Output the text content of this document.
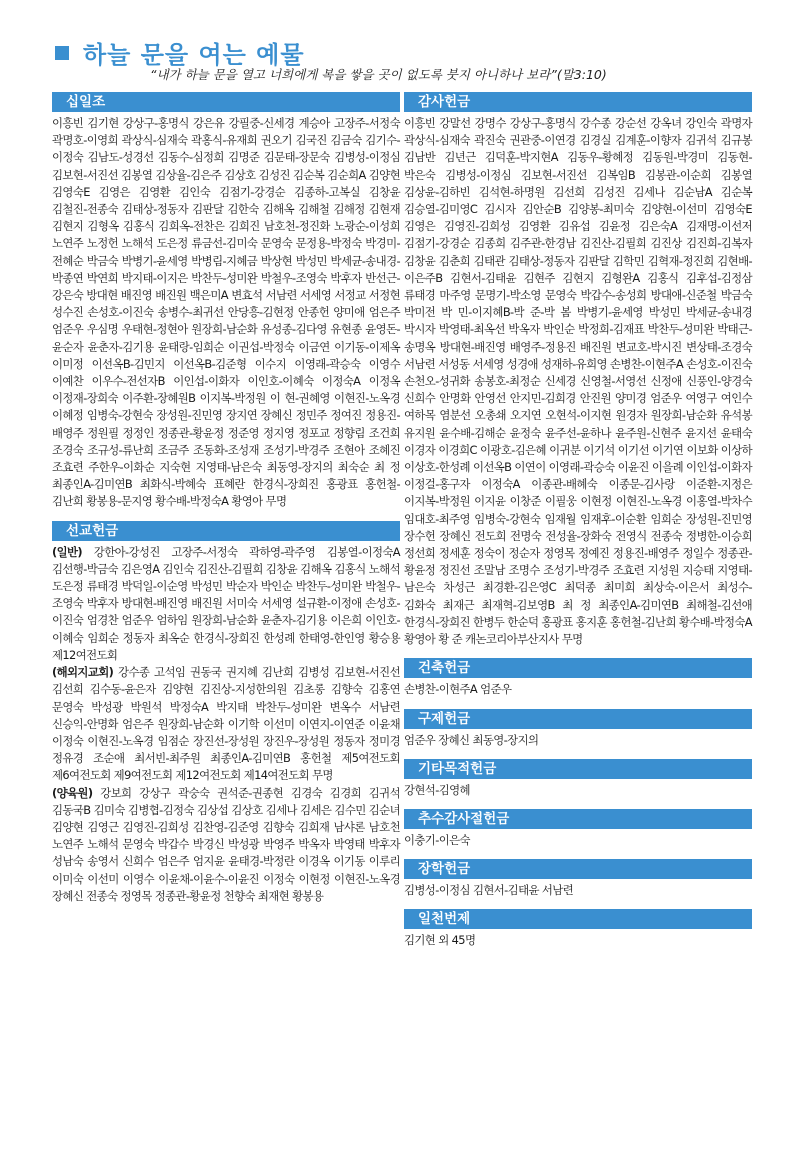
하늘 문을 여는 예물
“내가 하늘 문을 열고 너희에게 복을 쌓을 곳이 없도록 붓지 아니하나 보라”(말3:10)
십일조
이흥빈 김기현 강상구-홍명식 강은유 강필중-신세경 계승아 고장주-서정숙 곽명호-이영희 곽상식-심재숙 곽홍식-유재희 권오기 김국진 김금숙 김기수-이정숙 김남도-성경선 김동수-심정희 김명준 김문태-장문숙 김병성-이정심 김보현-서진선 김봉열 김상율-김은주 김상호 김성진 김순복 김순희A 김양현 김영숙E 김영은 김영환 김인숙 김점기-강경순 김종하-고복실 김창윤 김철진-전종숙 김태상-정동자 김판달 김한숙 김해옥 김해철 김해정 김현재 김현지 김형옥 김홍식 김희옥-전찬은 김희진 남호천-정진화 노광순-이성희 노연주 노정헌 노해석 도은정 류금선-김미숙 문영숙 문정용-박정숙 박경미-전혜순 박금숙 박병기-윤세영 박병림-지혜금 박상현 박성민 박세균-송내경-박종연 박연희 박지태-이지은 박찬두-성미완 박철우-조영숙 박후자 반선근-강은숙 방대현 배진영 배진원 백은미A 변효석 서남련 서세영 서정교 서정현 성수진 손성호-이진숙 송병수-최귀선 안당흥-김현정 안종헌 양미애 엄은주 엄준우 우심명 우태현-정현아 원장희-남순화 유성종-김다영 유현종 윤영돈-윤순자 윤춘자-김기용 윤태랑-임희순 이권섭-박정숙 이금연 이기동-이제옥 이미정 이선옥B-김민지 이선옥B-김준형 이수지 이영래-곽승숙 이영수 이예찬 이우수-전선자B 이인섭-이화자 이인호-이혜숙 이정숙A 이정옥 이정재-장희숙 이주환-장혜원B 이지복-박정원 이 현-권혜영 이현진-노옥경 이혜정 임병숙-강현숙 장성원-진민영 장지연 장혜신 정민주 정여진 정용진-배영주 정원필 정정인 정종관-황윤정 정준영 정지영 정포교 정향림 조건희 조경숙 조규성-류난희 조금주 조동화-조성재 조성기-박경주 조현아 조혜진 조효련 주한우-이화순 지숙현 지영태-남은숙 최동영-장지의 최숙순 최 정 최종인A-김미연B 최화식-박혜숙 표혜란 한경식-장희진 홍광표 홍헌철-김난희 황봉용-문지영 황수배-박정숙A 황영아 무명
선교헌금
(일반) 강한아-강성진 고장주-서정숙 곽하영-곽주영 김봉열-이정숙A 김선행-박금숙 김은영A 김인숙 김진산-김필희 김창윤 김해옥 김홍식 노해석 도은정 류태경 박덕일-이순영 박성민 박순자 박인순 박찬두-성미완 박철우-조영숙 박후자 방대현-배진영 배진원 서미숙 서세영 설규환-이정애 손성호-이진숙 엄경찬 엄준우 엄하임 원장희-남순화 윤춘자-김기용 이은희 이인호-이혜숙 임희순 정동자 최옥순 한경식-장희진 한성례 한태영-한인영 황승용 제12여전도회
(해외지교회) 강수종 고석임 권동국 권지혜 김난희 김병성 김보현-서진선 김선희 김수동-윤은자 김양현 김진상-지성한의원 김초롱 김향숙 김홍연 문영숙 박성광 박원석 박정숙A 박지태 박찬두-성미완 변옥수 서남련 신승익-안명화 엄은주 원장희-남순화 이기학 이선미 이연지-이연준 이윤채 이정숙 이현진-노옥경 임점순 장진선-장성원 장진우-장성원 정동자 정미경 정유경 조순애 최서빈-최주원 최종인A-김미연B 홍헌철 제5여전도회 제6여전도회 제9여전도회 제12여전도회 제14여전도회 무명
(양육원) 강보희 강상구 곽숭숙 권석준-권종현 김경숙 김경희 김귀석 김동국B 김미숙 김병협-김정숙 김상섭 김상호 김세나 김세은 김수민 김순녀 김양현 김영근 김영진-김희성 김찬영-김준영 김향숙 김희재 남샤론 남호천 노연주 노해석 문영숙 박갑수 박경신 박성광 박영주 박옥자 박영태 박후자 성남숙 송영서 신희수 엄은주 엄지윤 윤태경-박정란 이경옥 이기동 이루리 이미숙 이선미 이영수 이윤채-이윤수-이윤진 이정숙 이현정 이현진-노옥경 장혜신 전종숙 정영목 정종관-황윤정 천향숙 최재현 황봉용
감사헌금
이흥빈 강말선 강명수 강상구-홍명식 강수종 강순선 강옥녀 강인숙 곽명자 곽상식-심재숙 곽진숙 권관중-이연경 김경실 김계훈-이향자 김귀석 김규봉 김남반 김년근 김덕훈-박지현A 김동우-황혜정 김동원-박경미 김동현-박은숙 김병성-이정심 김보현-서진선 김복임B 김봉관-이순희 김봉열 김상윤-김하빈 김석현-하명원 김선희 김성진 김세나 김순남A 김순복 김승열-김미영C 김시자 김안순B 김양봉-최미숙 김양현-이선미 김영숙E 김영은 김영진-김희성 김영환 김유섭 김윤정 김은숙A 김재명-이선저 김점기-강경순 김종희 김주관-한경남 김진산-김필희 김진상 김진희-김복자 김창윤 김춘희 김태관 김태상-정동자 김판달 김학민 김혁재-정진희 김현배-이은주B 김현서-김태윤 김현주 김현지 김형완A 김홍식 김후섭-김정삼 류태경 마주영 문명기-박소영 문영숙 박갑수-송성희 방대애-신준철 박금숙 박미전 박 민-이지혜B-박 준-박 봄 박병기-윤세영 박성민 박세균-송내경 박시자 박영태-최옥선 박옥자 박인순 박정희-김재표 박찬두-성미완 박태근-송명옥 방대현-배진영 배영주-정용진 배진원 변교호-박시진 변상태-조경숙 서남련 서성동 서세영 성경애 성재하-유희영 손병찬-이현주A 손성호-이진숙 손천오-성귀화 송봉호-최정순 신세경 신영철-서영선 신정애 신풍인-양경숙 신희수 안명화 안영선 안지민-김희경 안진원 양미경 엄준우 여영구 여인수 여하목 염분선 오총쇄 오지연 오현석-이지현 원경자 원장희-남순화 유석봉 유지원 윤수배-김해순 윤정숙 윤주선-윤하나 윤주원-신현주 윤지선 윤태숙 이경자 이경희C 이광호-김은혜 이귀분 이기석 이기선 이기연 이보화 이상하 이상호-한성례 이선옥B 이연이 이영래-곽승숙 이윤진 이을례 이인섭-이화자 이정걸-홍구자 이정숙A 이종관-배혜숙 이종문-김사랑 이준환-지정은 이지복-박정원 이지윤 이창준 이필웅 이현정 이현진-노옥경 이홍열-박차수 임대호-최주영 임병숙-강현숙 임재월 임재후-이순환 임희순 장성원-진민영 장수헌 장혜신 전도희 전명숙 전성율-장화숙 전영식 전종숙 정병한-이승희 정선희 정세훈 정숙이 정순자 정영목 정예진 정용진-배영주 정일수 정종관-황윤정 정진선 조말남 조명수 조성기-박경주 조효련 지성원 지승태 지영태-남은숙 차성근 최경환-김은영C 최덕종 최미희 최상숙-이은서 최성수-김화숙 최재근 최재혁-김보영B 최 정 최종인A-김미연B 최해철-김선애 한경식-장희진 한병두 한순덕 홍광표 홍지훈 홍헌철-김난희 황수배-박정숙A 황영아 황 준 캐논코리아부산지사 무명
건축헌금
손병찬-이현주A 엄준우
구제헌금
엄준우 장혜신 최동영-장지의
기타목적헌금
강현석-김영혜
추수감사절헌금
이충기-이은숙
장학헌금
김병성-이정심 김현서-김태윤 서남련
일천번제
김기현 외 45명
